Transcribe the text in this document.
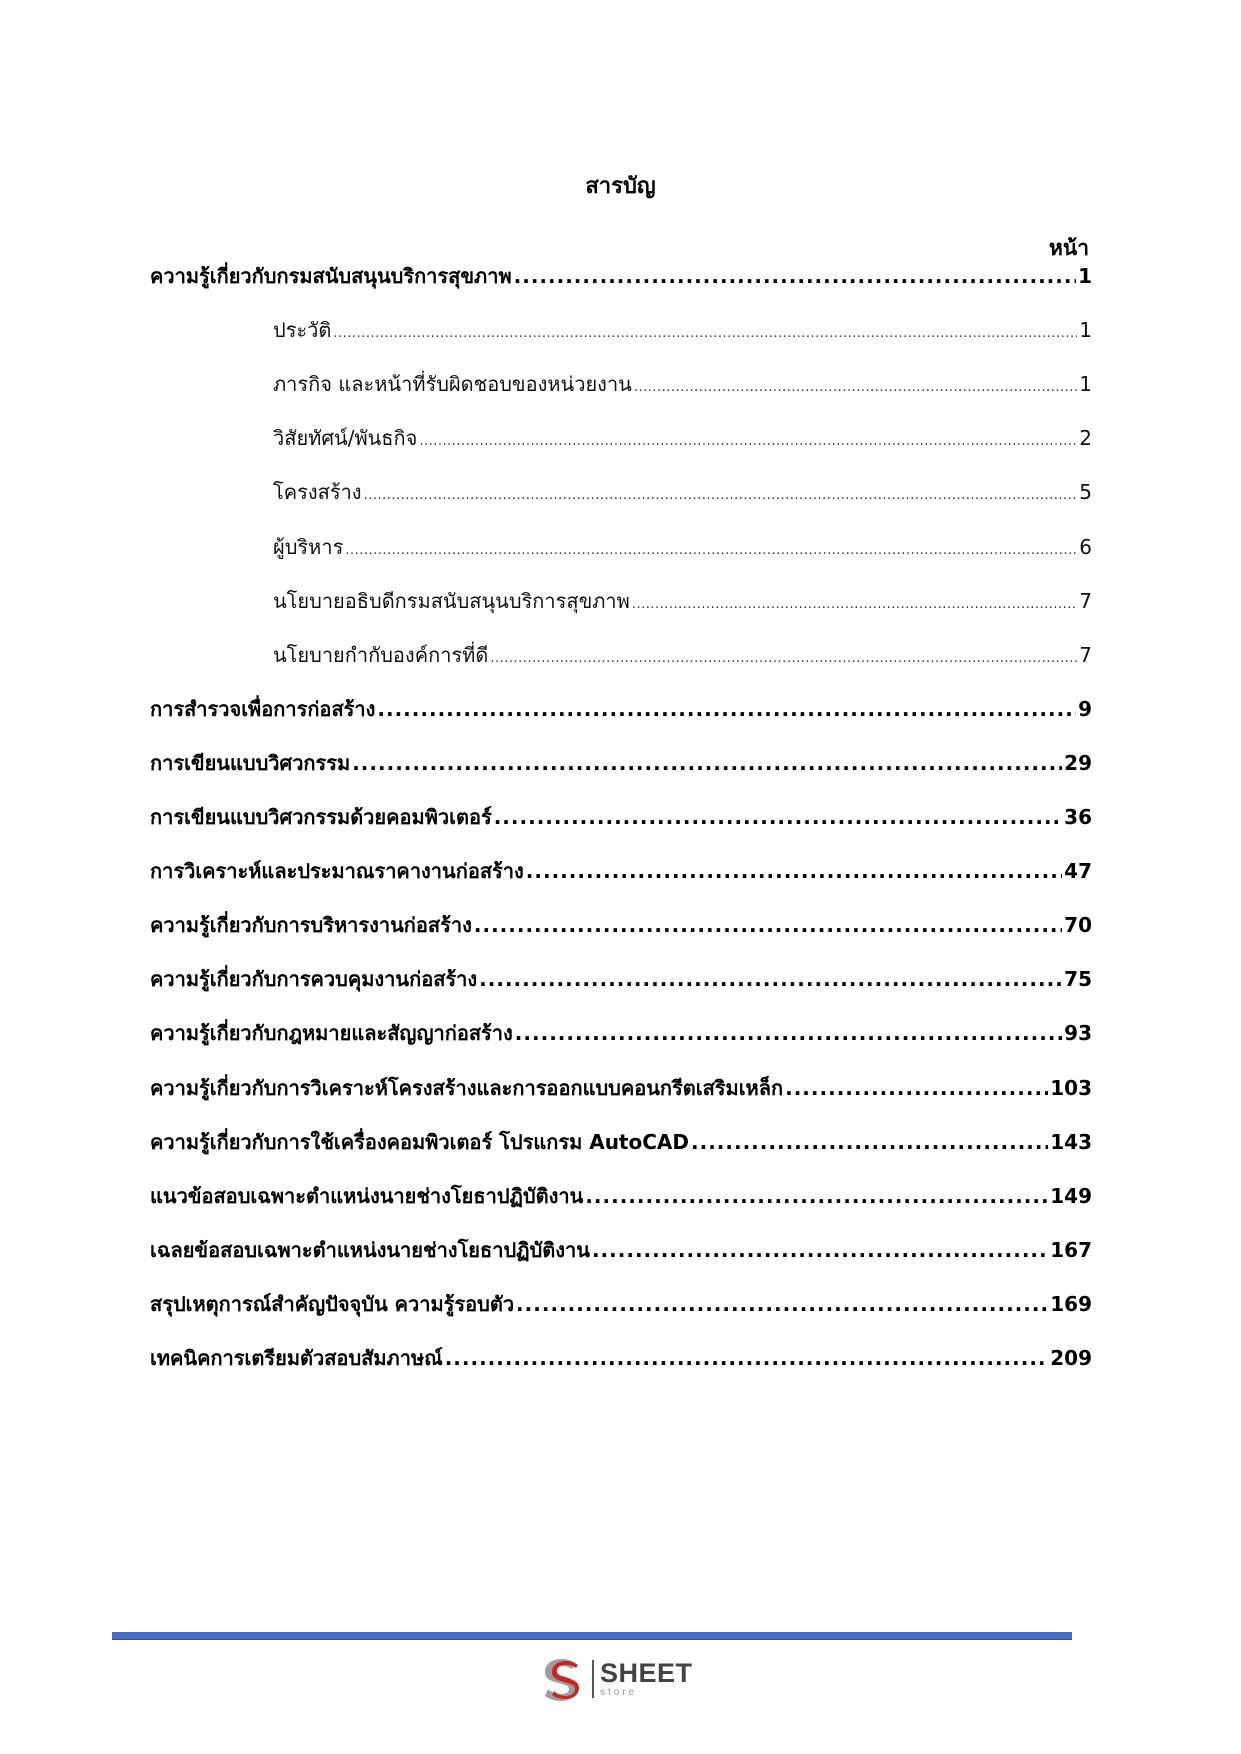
สารบัญ
หน้า
ความรู้เกี่ยวกับกรมสนับสนุนบริการสุขภาพ .....	1
ประวัติ .....	1
ภารกิจ และหน้าที่รับผิดชอบของหน่วยงาน .....	1
วิสัยทัศน์/พันธกิจ .....	2
โครงสร้าง .....	5
ผู้บริหาร .....	6
นโยบายอธิบดีกรมสนับสนุนบริการสุขภาพ .....	7
นโยบายกำกับองค์การที่ดี .....	7
การสำรวจเพื่อการก่อสร้าง .....	9
การเขียนแบบวิศวกรรม .....	29
การเขียนแบบวิศวกรรมด้วยคอมพิวเตอร์ .....	36
การวิเคราะห์และประมาณราคางานก่อสร้าง .....	47
ความรู้เกี่ยวกับการบริหารงานก่อสร้าง .....	70
ความรู้เกี่ยวกับการควบคุมงานก่อสร้าง .....	75
ความรู้เกี่ยวกับกฎหมายและสัญญาก่อสร้าง .....	93
ความรู้เกี่ยวกับการวิเคราะห์โครงสร้างและการออกแบบคอนกรีตเสริมเหล็ก .....	103
ความรู้เกี่ยวกับการใช้เครื่องคอมพิวเตอร์ โปรแกรม AutoCAD .....	143
แนวข้อสอบเฉพาะตำแหน่งนายช่างโยธาปฏิบัติงาน .....	149
เฉลยข้อสอบเฉพาะตำแหน่งนายช่างโยธาปฏิบัติงาน .....	167
สรุปเหตุการณ์สำคัญปัจจุบัน ความรู้รอบตัว .....	169
เทคนิคการเตรียมตัวสอบสัมภาษณ์ .....	209
SHEET
store
